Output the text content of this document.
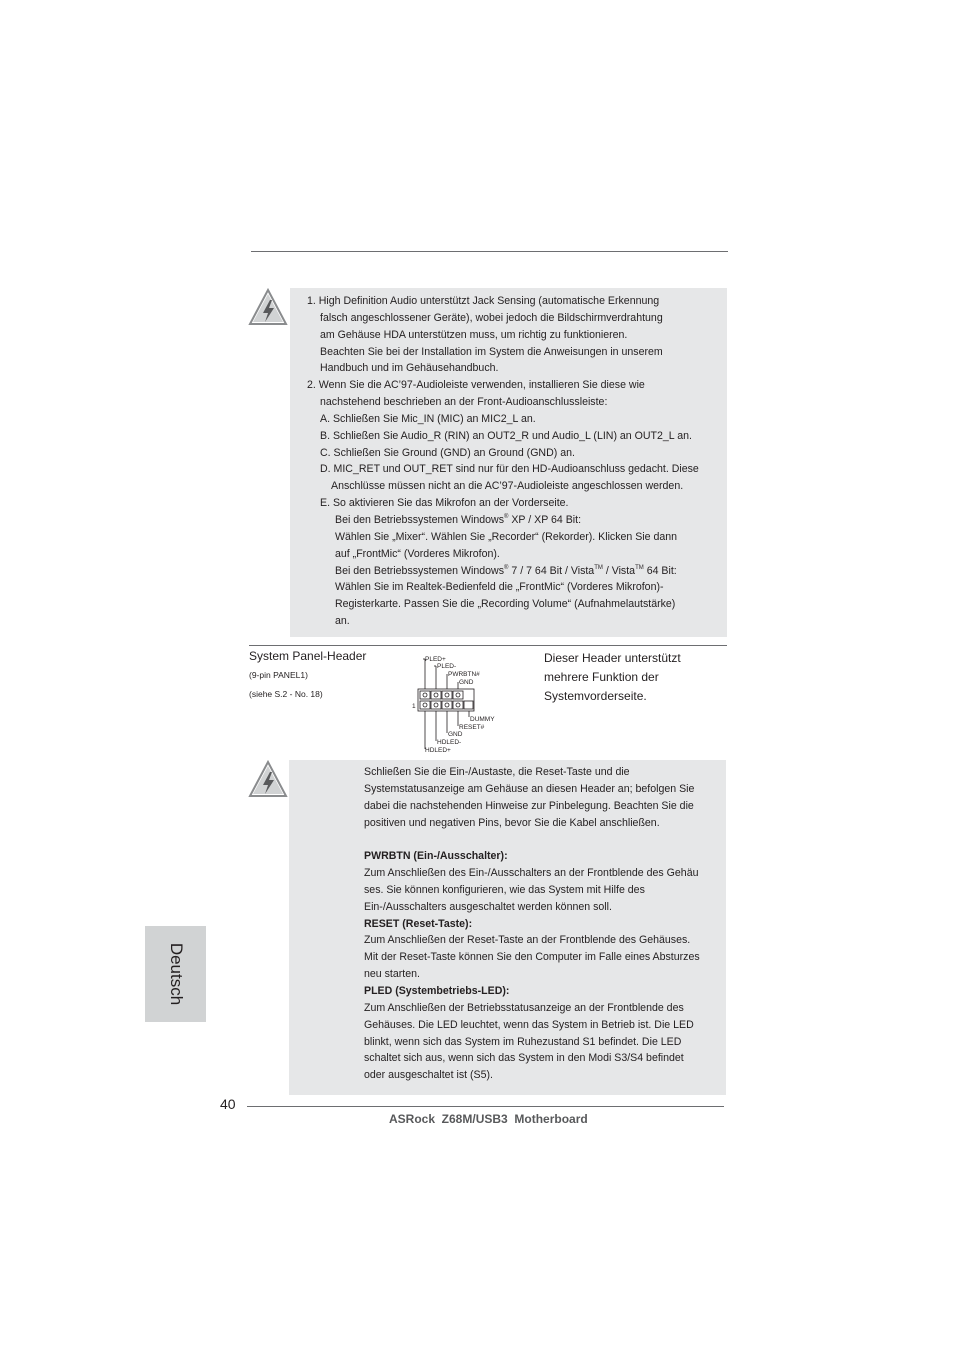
1. High Definition Audio unterstützt Jack Sensing (automatische Erkennung
falsch angeschlossener Geräte), wobei jedoch die Bildschirmverdrahtung
am Gehäuse HDA unterstützen muss, um richtig zu funktionieren.
Beachten Sie bei der Installation im System die Anweisungen in unserem
Handbuch und im Gehäusehandbuch.
2. Wenn Sie die AC’97-Audioleiste verwenden, installieren Sie diese wie
nachstehend beschrieben an der Front-Audioanschlussleiste:
A. Schließen Sie Mic_IN (MIC) an MIC2_L an.
B. Schließen Sie Audio_R (RIN) an OUT2_R und Audio_L (LIN) an OUT2_L an.
C. Schließen Sie Ground (GND) an Ground (GND) an.
D. MIC_RET und OUT_RET sind nur für den HD-Audioanschluss gedacht. Diese
Anschlüsse müssen nicht an die AC’97-Audioleiste angeschlossen werden.
E. So aktivieren Sie das Mikrofon an der Vorderseite.
Bei den Betriebssystemen Windows® XP / XP 64 Bit:
Wählen Sie „Mixer“. Wählen Sie „Recorder“ (Rekorder). Klicken Sie dann
auf „FrontMic“ (Vorderes Mikrofon).
Bei den Betriebssystemen Windows® 7 / 7 64 Bit / Vista™ / Vista™ 64 Bit:
Wählen Sie im Realtek-Bedienfeld die „FrontMic“ (Vorderes Mikrofon)-
Registerkarte. Passen Sie die „Recording Volume“ (Aufnahmelautstärke)
an.
System Panel-Header
(9-pin PANEL1)
(siehe S.2 - No. 18)
Dieser Header unterstützt
mehrere Funktion der
Systemvorderseite.
PLED+
PLED-
PWRBTN#
GND
DUMMY
RESET#
GND
HDLED-
HDLED+
1
Schließen Sie die Ein-/Austaste, die Reset-Taste und die
Systemstatusanzeige am Gehäuse an diesen Header an; befolgen Sie
dabei die nachstehenden Hinweise zur Pinbelegung. Beachten Sie die
positiven und negativen Pins, bevor Sie die Kabel anschließen.
PWRBTN (Ein-/Ausschalter):
Zum Anschließen des Ein-/Ausschalters an der Frontblende des Gehäu
ses. Sie können konfigurieren, wie das System mit Hilfe des
Ein-/Ausschalters ausgeschaltet werden können soll.
RESET (Reset-Taste):
Zum Anschließen der Reset-Taste an der Frontblende des Gehäuses.
Mit der Reset-Taste können Sie den Computer im Falle eines Absturzes
neu starten.
PLED (Systembetriebs-LED):
Zum Anschließen der Betriebsstatusanzeige an der Frontblende des
Gehäuses. Die LED leuchtet, wenn das System in Betrieb ist. Die LED
blinkt, wenn sich das System im Ruhezustand S1 befindet. Die LED
schaltet sich aus, wenn sich das System in den Modi S3/S4 befindet
oder ausgeschaltet ist (S5).
Deutsch
40
ASRock  Z68M/USB3  Motherboard
